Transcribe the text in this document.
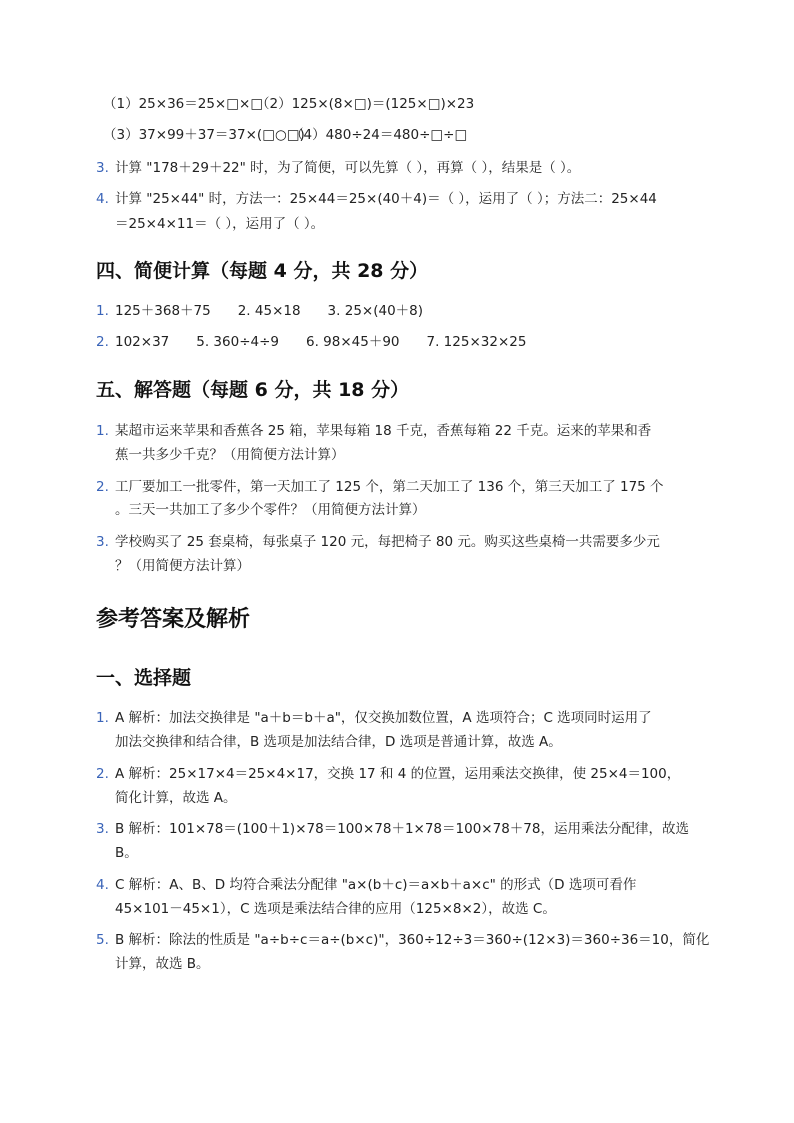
（1）25×36＝25×□×□
（2）125×(8×□)＝(125×□)×23
（3）37×99＋37＝37×(□○□)
（4）480÷24＝480÷□÷□
3. 计算 "178＋29＋22" 时，为了简便，可以先算（ ），再算（ ），结果是（ ）。
4. 计算 "25×44" 时，方法一：25×44＝25×(40＋4)＝（ ），运用了（ ）；方法二：25×44
＝25×4×11＝（ ），运用了（ ）。
四、简便计算（每题 4 分，共 28 分）
1. 125＋368＋75　　2. 45×18　　3. 25×(40＋8)
2. 102×37　　5. 360÷4÷9　　6. 98×45＋90　　7. 125×32×25
五、解答题（每题 6 分，共 18 分）
1. 某超市运来苹果和香蕉各 25 箱，苹果每箱 18 千克，香蕉每箱 22 千克。运来的苹果和香
蕉一共多少千克？（用简便方法计算）
2. 工厂要加工一批零件，第一天加工了 125 个，第二天加工了 136 个，第三天加工了 175 个
。三天一共加工了多少个零件？（用简便方法计算）
3. 学校购买了 25 套桌椅，每张桌子 120 元，每把椅子 80 元。购买这些桌椅一共需要多少元
？（用简便方法计算）
参考答案及解析
一、选择题
1. A 解析：加法交换律是 "a＋b＝b＋a"，仅交换加数位置，A 选项符合；C 选项同时运用了
加法交换律和结合律，B 选项是加法结合律，D 选项是普通计算，故选 A。
2. A 解析：25×17×4＝25×4×17，交换 17 和 4 的位置，运用乘法交换律，使 25×4＝100，
简化计算，故选 A。
3. B 解析：101×78＝(100＋1)×78＝100×78＋1×78＝100×78＋78，运用乘法分配律，故选
B。
4. C 解析：A、B、D 均符合乘法分配律 "a×(b＋c)＝a×b＋a×c" 的形式（D 选项可看作
45×101－45×1），C 选项是乘法结合律的应用（125×8×2），故选 C。
5. B 解析：除法的性质是 "a÷b÷c＝a÷(b×c)"，360÷12÷3＝360÷(12×3)＝360÷36＝10，简化
计算，故选 B。
